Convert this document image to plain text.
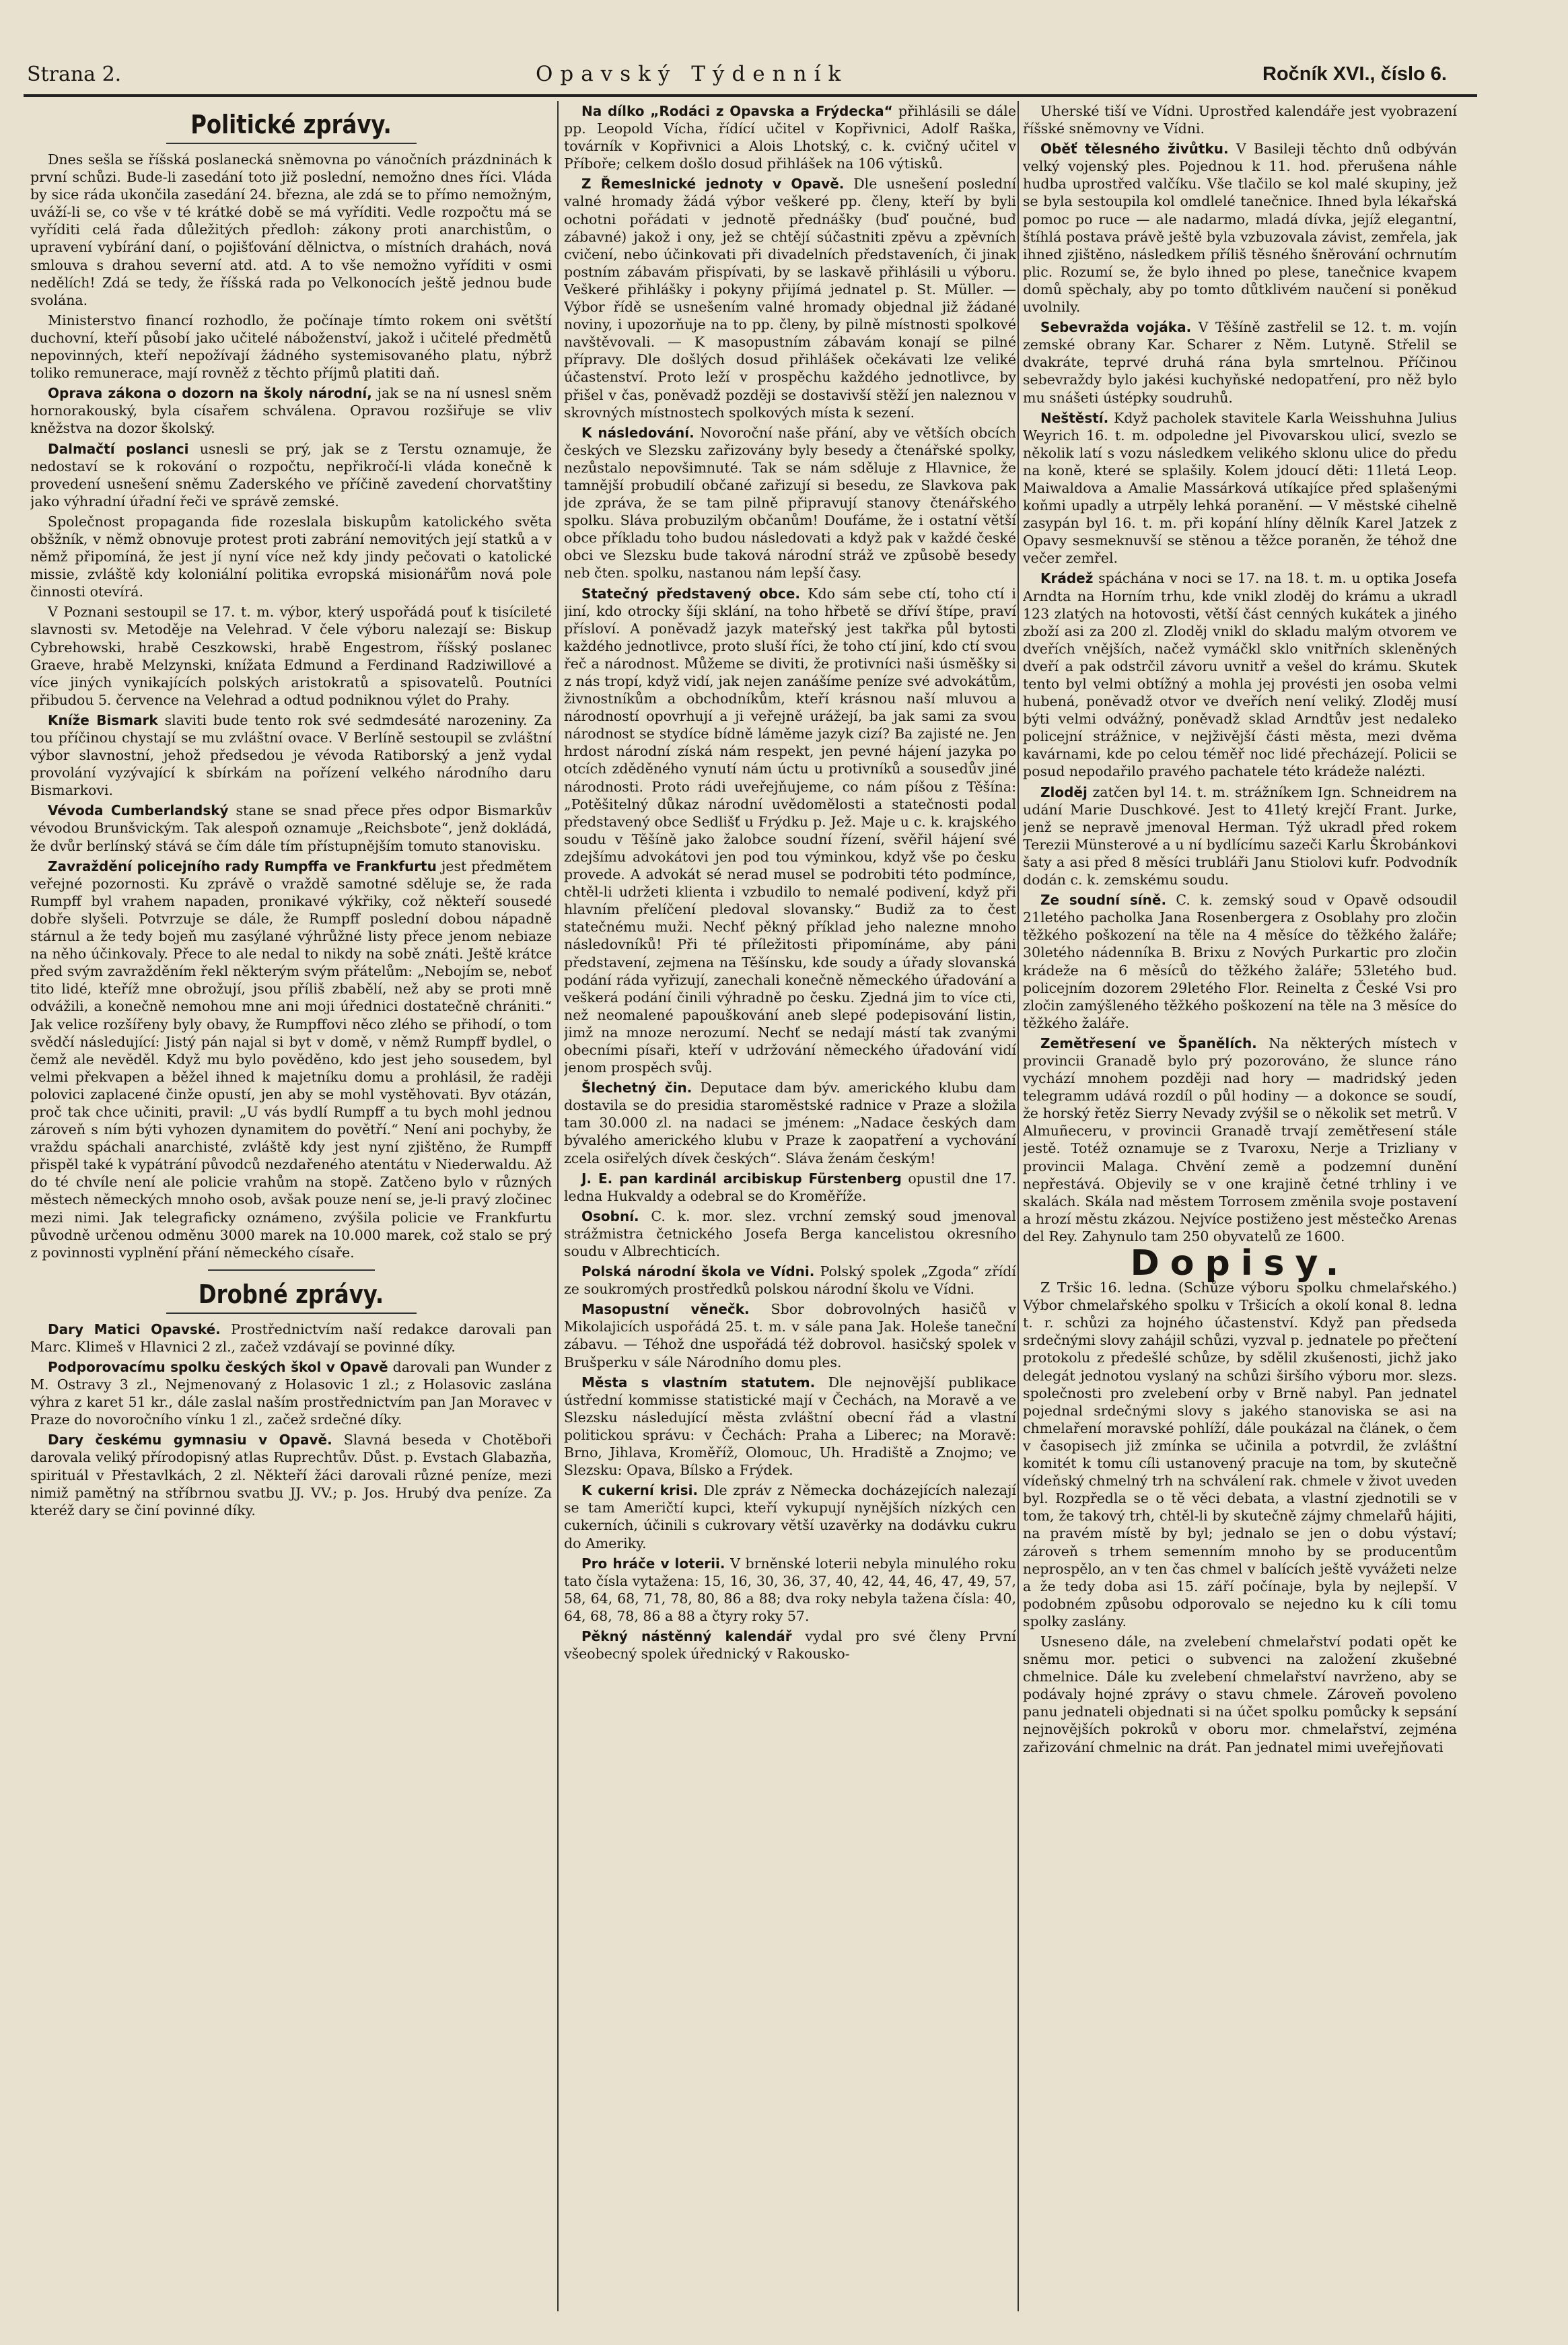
Strana 2.	Opavský Týdenník	Ročník XVI., číslo 6.
Politické zprávy.

Dnes sešla se říšská poslanecká sněmovna po vánočních prázdninách k první schůzi. Bude-li zasedání toto již poslední, nemožno dnes říci. Vláda by sice ráda ukončila zasedání 24. března, ale zdá se to přímo nemožným, uváží-li se, co vše v té krátké době se má vyříditi. Vedle rozpočtu má se vyříditi celá řada důležitých předloh: zákony proti anarchistům, o upravení vybírání daní, o pojišťování dělnictva, o místních drahách, nová smlouva s drahou severní atd. atd. A to vše nemožno vyříditi v osmi nedělích! Zdá se tedy, že říšská rada po Velkonocích ještě jednou bude svolána.

Ministerstvo financí rozhodlo, že počínaje tímto rokem oni světští duchovní, kteří působí jako učitelé náboženství, jakož i učitelé předmětů nepovinných, kteří nepožívají žádného systemisovaného platu, nýbrž toliko remunerace, mají rovněž z těchto příjmů platiti daň.

Oprava zákona o dozorn na školy národní, jak se na ní usnesl sněm hornorakouský, byla císařem schválena. Opravou rozšiřuje se vliv kněžstva na dozor školský.

Dalmačtí poslanci usnesli se prý, jak se z Terstu oznamuje, že nedostaví se k rokování o rozpočtu, nepřikročí-li vláda konečně k provedení usnešení sněmu Zaderského ve příčině zavedení chorvatštiny jako výhradní úřadní řeči ve správě zemské.

Společnost propaganda fide rozeslala biskupům katolického světa obšžník, v němž obnovuje protest proti zabrání nemovitých její statků a v němž připomíná, že jest jí nyní více než kdy jindy pečovati o katolické missie, zvláště kdy koloniální politika evropská misionářům nová pole činnosti otevírá.

V Poznani sestoupil se 17. t. m. výbor, který uspořádá pouť k tisícileté slavnosti sv. Metoděje na Velehrad. V čele výboru nalezají se: Biskup Cybrehowski, hrabě Ceszkowski, hrabě Engestrom, říšský poslanec Graeve, hrabě Melzynski, knížata Edmund a Ferdinand Radziwillové a více jiných vynikajících polských aristokratů a spisovatelů. Poutníci přibudou 5. července na Velehrad a odtud podniknou výlet do Prahy.

Kníže Bismark slaviti bude tento rok své sedmdesáté narozeniny. Za tou příčinou chystají se mu zvláštní ovace. V Berlíně sestoupil se zvláštní výbor slavnostní, jehož předsedou je vévoda Ratiborský a jenž vydal provolání vyzývající k sbírkám na pořízení velkého národního daru Bismarkovi.

Vévoda Cumberlandský stane se snad přece přes odpor Bismarkův vévodou Brunšvickým. Tak alespoň oznamuje „Reichsbote“, jenž dokládá, že dvůr berlínský stává se čím dále tím přístupnějším tomuto stanovisku.

Zavraždění policejního rady Rumpffa ve Frankfurtu jest předmětem veřejné pozornosti. Ku zprávě o vraždě samotné sděluje se, že rada Rumpff byl vrahem napaden, pronikavé výkřiky, což někteří sousedé dobře slyšeli. Potvrzuje se dále, že Rumpff poslední dobou nápadně stárnul a že tedy bojeň mu zasýlané výhrůžné listy přece jenom nebiaze na něho účinkovaly. Přece to ale nedal to nikdy na sobě znáti. Ještě krátce před svým zavražděním řekl některým svým přátelům: „Nebojím se, neboť tito lidé, kteříž mne obrožují, jsou příliš zbabělí, než aby se proti mně odvážili, a konečně nemohou mne ani moji úřednici dostatečně chrániti.“ Jak velice rozšířeny byly obavy, že Rumpffovi něco zlého se přihodí, o tom svědčí následující: Jistý pán najal si byt v domě, v němž Rumpff bydlel, o čemž ale nevěděl. Když mu bylo pověděno, kdo jest jeho sousedem, byl velmi překvapen a běžel ihned k majetníku domu a prohlásil, že raději polovici zaplacené činže opustí, jen aby se mohl vystěhovati. Byv otázán, proč tak chce učiniti, pravil: „U vás bydlí Rumpff a tu bych mohl jednou zároveň s ním býti vyhozen dynamitem do povětří.“ Není ani pochyby, že vraždu spáchali anarchisté, zvláště kdy jest nyní zjištěno, že Rumpff přispěl také k vypátrání původců nezdařeného atentátu v Niederwaldu. Až do té chvíle není ale policie vrahům na stopě. Zatčeno bylo v různých městech německých mnoho osob, avšak pouze není se, je-li pravý zločinec mezi nimi. Jak telegraficky oznámeno, zvýšila policie ve Frankfurtu původně určenou odměnu 3000 marek na 10.000 marek, což stalo se prý z povinnosti vyplnění přání německého císaře.

Drobné zprávy.

Dary Matici Opavské. Prostřednictvím naší redakce darovali pan Marc. Klimeš v Hlavnici 2 zl., začež vzdávají se povinné díky.

Podporovacímu spolku českých škol v Opavě darovali pan Wunder z M. Ostravy 3 zl., Nejmenovaný z Holasovic 1 zl.; z Holasovic zaslána výhra z karet 51 kr., dále zaslal naším prostřednictvím pan Jan Moravec v Praze do novoročního vínku 1 zl., začež srdečné díky.

Dary českému gymnasiu v Opavě. Slavná beseda v Chotěboři darovala veliký přírodopisný atlas Ruprechtův. Důst. p. Evstach Glabazňa, spirituál v Přestavlkách, 2 zl. Někteří žáci darovali různé peníze, mezi nimiž pamětný na stříbrnou svatbu JJ. VV.; p. Jos. Hrubý dva peníze. Za kteréž dary se činí povinné díky.

Na dílko „Rodáci z Opavska a Frýdecka“ přihlásili se dále pp. Leopold Vícha, řídící učitel v Kopřivnici, Adolf Raška, továrník v Kopřivnici a Alois Lhotský, c. k. cvičný učitel v Příboře; celkem došlo dosud přihlášek na 106 výtisků.

Z Řemeslnické jednoty v Opavě. Dle usnešení poslední valné hromady žádá výbor veškeré pp. členy, kteří by byli ochotni pořádati v jednotě přednášky (buď poučné, buď zábavné) jakož i ony, jež se chtějí súčastniti zpěvu a zpěvních cvičení, nebo účinkovati při divadelních představeních, či jinak postním zábavám přispívati, by se laskavě přihlásili u výboru. Veškeré přihlášky i pokyny přijímá jednatel p. St. Müller. — Výbor řídě se usnešením valné hromady objednal již žádané noviny, i upozorňuje na to pp. členy, by pilně místnosti spolkové navštěvovali. — K masopustním zábavám konají se pilné přípravy. Dle došlých dosud přihlášek očekávati lze veliké účastenství. Proto leží v prospěchu každého jednotlivce, by přišel v čas, poněvadž později se dostavivší stěží jen naleznou v skrovných místnostech spolkových místa k sezení.

K následování. Novoroční naše přání, aby ve větších obcích českých ve Slezsku zařizovány byly besedy a čtenářské spolky, nezůstalo nepovšimnuté. Tak se nám sděluje z Hlavnice, že tamnější probudilí občané zařizují si besedu, ze Slavkova pak jde zpráva, že se tam pilně připravují stanovy čtenářského spolku. Sláva probuzilým občanům! Doufáme, že i ostatní větší obce příkladu toho budou následovati a když pak v každé české obci ve Slezsku bude taková národní stráž ve způsobě besedy neb čten. spolku, nastanou nám lepší časy.

Statečný představený obce. Kdo sám sebe ctí, toho ctí i jiní, kdo otrocky šíji sklání, na toho hřbetě se dříví štípe, praví přísloví. A poněvadž jazyk mateřský jest takřka půl bytosti každého jednotlivce, proto sluší říci, že toho ctí jiní, kdo ctí svou řeč a národnost. Můžeme se diviti, že protivníci naši úsměšky si z nás tropí, když vidí, jak nejen zanášíme peníze své advokátům, živnostníkům a obchodníkům, kteří krásnou naší mluvou a národností opovrhují a ji veřejně urážejí, ba jak sami za svou národnost se stydíce bídně láměme jazyk cizí? Ba zajisté ne. Jen hrdost národní získá nám respekt, jen pevné hájení jazyka po otcích zděděného vynutí nám úctu u protivníků a sousedův jiné národnosti. Proto rádi uveřejňujeme, co nám píšou z Těšína: „Potěšitelný důkaz národní uvědomělosti a statečnosti podal představený obce Sedlišť u Frýdku p. Jež. Maje u c. k. krajského soudu v Těšíně jako žalobce soudní řízení, svěřil hájení své zdejšímu advokátovi jen pod tou výminkou, když vše po česku provede. A advokát sé nerad musel se podrobiti této podmínce, chtěl-li udržeti klienta i vzbudilo to nemalé podivení, když při hlavním přelíčení pledoval slovansky.“ Budiž za to čest statečnému muži. Nechť pěkný příklad jeho nalezne mnoho následovníků! Při té příležitosti připomínáme, aby páni představení, zejmena na Těšínsku, kde soudy a úřady slovanská podání ráda vyřizují, zanechali konečně německého úřadování a veškerá podání činili výhradně po česku. Zjedná jim to více cti, než neomalené papouškování aneb slepé podepisování listin, jimž na mnoze nerozumí. Nechť se nedají mástí tak zvanými obecními písaři, kteří v udržování německého úřadování vidí jenom prospěch svůj.

Šlechetný čin. Deputace dam býv. amerického klubu dam dostavila se do presidia staroměstské radnice v Praze a složila tam 30.000 zl. na nadaci se jménem: „Nadace českých dam bývalého amerického klubu v Praze k zaopatření a vychování zcela osiřelých dívek českých“. Sláva ženám českým!

J. E. pan kardinál arcibiskup Fürstenberg opustil dne 17. ledna Hukvaldy a odebral se do Kroměříže.

Osobní. C. k. mor. slez. vrchní zemský soud jmenoval strážmistra četnického Josefa Berga kancelistou okresního soudu v Albrechticích.

Polská národní škola ve Vídni. Polský spolek „Zgoda“ zřídí ze soukromých prostředků polskou národní školu ve Vídni.

Masopustní věnečk. Sbor dobrovolných hasičů v Mikolajicích uspořádá 25. t. m. v sále pana Jak. Holeše taneční zábavu. — Téhož dne uspořádá též dobrovol. hasičský spolek v Brušperku v sále Národního domu ples.

Města s vlastním statutem. Dle nejnovější publikace ústřední kommisse statistické mají v Čechách, na Moravě a ve Slezsku následující města zvláštní obecní řád a vlastní politickou správu: v Čechách: Praha a Liberec; na Moravě: Brno, Jihlava, Kroměříž, Olomouc, Uh. Hradiště a Znojmo; ve Slezsku: Opava, Bílsko a Frýdek.

K cukerní krisi. Dle zpráv z Německa docházejících nalezají se tam Američtí kupci, kteří vykupují nynějších nízkých cen cukerních, účinili s cukrovary větší uzavěrky na dodávku cukru do Ameriky.

Pro hráče v loterii. V brněnské loterii nebyla minulého roku tato čísla vytažena: 15, 16, 30, 36, 37, 40, 42, 44, 46, 47, 49, 57, 58, 64, 68, 71, 78, 80, 86 a 88; dva roky nebyla tažena čísla: 40, 64, 68, 78, 86 a 88 a čtyry roky 57.

Pěkný nástěnný kalendář vydal pro své členy První všeobecný spolek úřednický v Rakousko-

Uherské tiší ve Vídni. Uprostřed kalendáře jest vyobrazení říšské sněmovny ve Vídni.

Oběť tělesného živůtku. V Basileji těchto dnů odbýván velký vojenský ples. Pojednou k 11. hod. přerušena náhle hudba uprostřed valčíku. Vše tlačilo se kol malé skupiny, jež se byla sestoupila kol omdlelé tanečnice. Ihned byla lékařská pomoc po ruce — ale nadarmo, mladá dívka, jejíž elegantní, štíhlá postava právě ještě byla vzbuzovala závist, zemřela, jak ihned zjištěno, následkem příliš těsného šněrování ochrnutím plic. Rozumí se, že bylo ihned po plese, tanečnice kvapem domů spěchaly, aby po tomto důtklivém naučení si poněkud uvolnily.

Sebevražda vojáka. V Těšíně zastřelil se 12. t. m. vojín zemské obrany Kar. Scharer z Něm. Lutyně. Střelil se dvakráte, teprvé druhá rána byla smrtelnou. Příčinou sebevraždy bylo jakési kuchyňské nedopatření, pro něž bylo mu snášeti ústépky soudruhů.

Neštěstí. Když pacholek stavitele Karla Weisshuhna Julius Weyrich 16. t. m. odpoledne jel Pivovarskou ulicí, svezlo se několik latí s vozu následkem velikého sklonu ulice do předu na koně, které se splašily. Kolem jdoucí děti: 11letá Leop. Maiwaldova a Amalie Massárková utíkajíce před splašenými koňmi upadly a utrpěly lehká poranění. — V městské cihelně zasypán byl 16. t. m. při kopání hlíny dělník Karel Jatzek z Opavy sesmeknuvší se stěnou a těžce poraněn, že téhož dne večer zemřel.

Krádež spáchána v noci se 17. na 18. t. m. u optika Josefa Arndta na Horním trhu, kde vnikl zloděj do krámu a ukradl 123 zlatých na hotovosti, větší část cenných kukátek a jiného zboží asi za 200 zl. Zloděj vnikl do skladu malým otvorem ve dveřích vnějších, načež vymáčkl sklo vnitřních skleněných dveří a pak odstrčil závoru uvnitř a vešel do krámu. Skutek tento byl velmi obtížný a mohla jej provésti jen osoba velmi hubená, poněvadž otvor ve dveřích není veliký. Zloděj musí býti velmi odvážný, poněvadž sklad Arndtův jest nedaleko policejní strážnice, v nejživější části města, mezi dvěma kavárnami, kde po celou téměř noc lidé přecházejí. Policii se posud nepodařilo pravého pachatele této krádeže nalézti.

Zloděj zatčen byl 14. t. m. strážníkem Ign. Schneidrem na udání Marie Duschkové. Jest to 41letý krejčí Frant. Jurke, jenž se nepravě jmenoval Herman. Týž ukradl před rokem Terezii Münsterové a u ní bydlícímu sazeči Karlu Škrobánkovi šaty a asi před 8 měsíci trubláři Janu Stiolovi kufr. Podvodník dodán c. k. zemskému soudu.

Ze soudní síně. C. k. zemský soud v Opavě odsoudil 21letého pacholka Jana Rosenbergera z Osoblahy pro zločin těžkého poškození na těle na 4 měsíce do těžkého žaláře; 30letého nádenníka B. Brixu z Nových Purkartic pro zločin krádeže na 6 měsíců do těžkého žaláře; 53letého bud. policejním dozorem 29letého Flor. Reinelta z České Vsi pro zločin zamýšleného těžkého poškození na těle na 3 měsíce do těžkého žaláře.

Zemětřesení ve Španělích. Na některých místech v provincii Granadě bylo prý pozorováno, že slunce ráno vychází mnohem později nad hory — madridský jeden telegramm udává rozdíl o půl hodiny — a dokonce se soudí, že horský řetěz Sierry Nevady zvýšil se o několik set metrů. V Almuñeceru, v provincii Granadě trvají zemětřesení stále jestě. Totéž oznamuje se z Tvaroxu, Nerje a Trizliany v provincii Malaga. Chvění země a podzemní dunění nepřestává. Objevily se v one krajině četné trhliny i ve skalách. Skála nad městem Torrosem změnila svoje postavení a hrozí městu zkázou. Nejvíce postiženo jest městečko Arenas del Rey. Zahynulo tam 250 obyvatelů ze 1600.

Dopisy.

Z Tršic 16. ledna. (Schůze výboru spolku chmelařského.) Výbor chmelařského spolku v Tršicích a okolí konal 8. ledna t. r. schůzi za hojného účastenství. Když pan předseda srdečnými slovy zahájil schůzi, vyzval p. jednatele po přečtení protokolu z předešlé schůze, by sdělil zkušenosti, jichž jako delegát jednotou vyslaný na schůzi širšího výboru mor. slezs. společnosti pro zvelebení orby v Brně nabyl. Pan jednatel pojednal srdečnými slovy s jakého stanoviska se asi na chmelaření moravské pohlíží, dále poukázal na článek, o čem v časopisech již zmínka se učinila a potvrdil, že zvláštní komitét k tomu cíli ustanovený pracuje na tom, by skutečně vídeňský chmelný trh na schválení rak. chmele v život uveden byl. Rozpředla se o tě věci debata, a vlastní zjednotili se v tom, že takový trh, chtěl-li by skutečně zájmy chmelařů hájiti, na pravém místě by byl; jednalo se jen o dobu výstaví; zároveň s trhem semenním mnoho by se producentům neprospělo, an v ten čas chmel v balících ještě vyvážeti nelze a že tedy doba asi 15. září počínaje, byla by nejlepší. V podobném způsobu odporovalo se nejedno ku k cíli tomu spolky zaslány.

Usneseno dále, na zvelebení chmelařství podati opět ke sněmu mor. petici o subvenci na založení zkušebné chmelnice. Dále ku zvelebení chmelařství navrženo, aby se podávaly hojné zprávy o stavu chmele. Zároveň povoleno panu jednateli objednati si na účet spolku pomůcky k sepsání nejnovějších pokroků v oboru mor. chmelařství, zejména zařizování chmelnic na drát. Pan jednatel mimi uveřejňovati
